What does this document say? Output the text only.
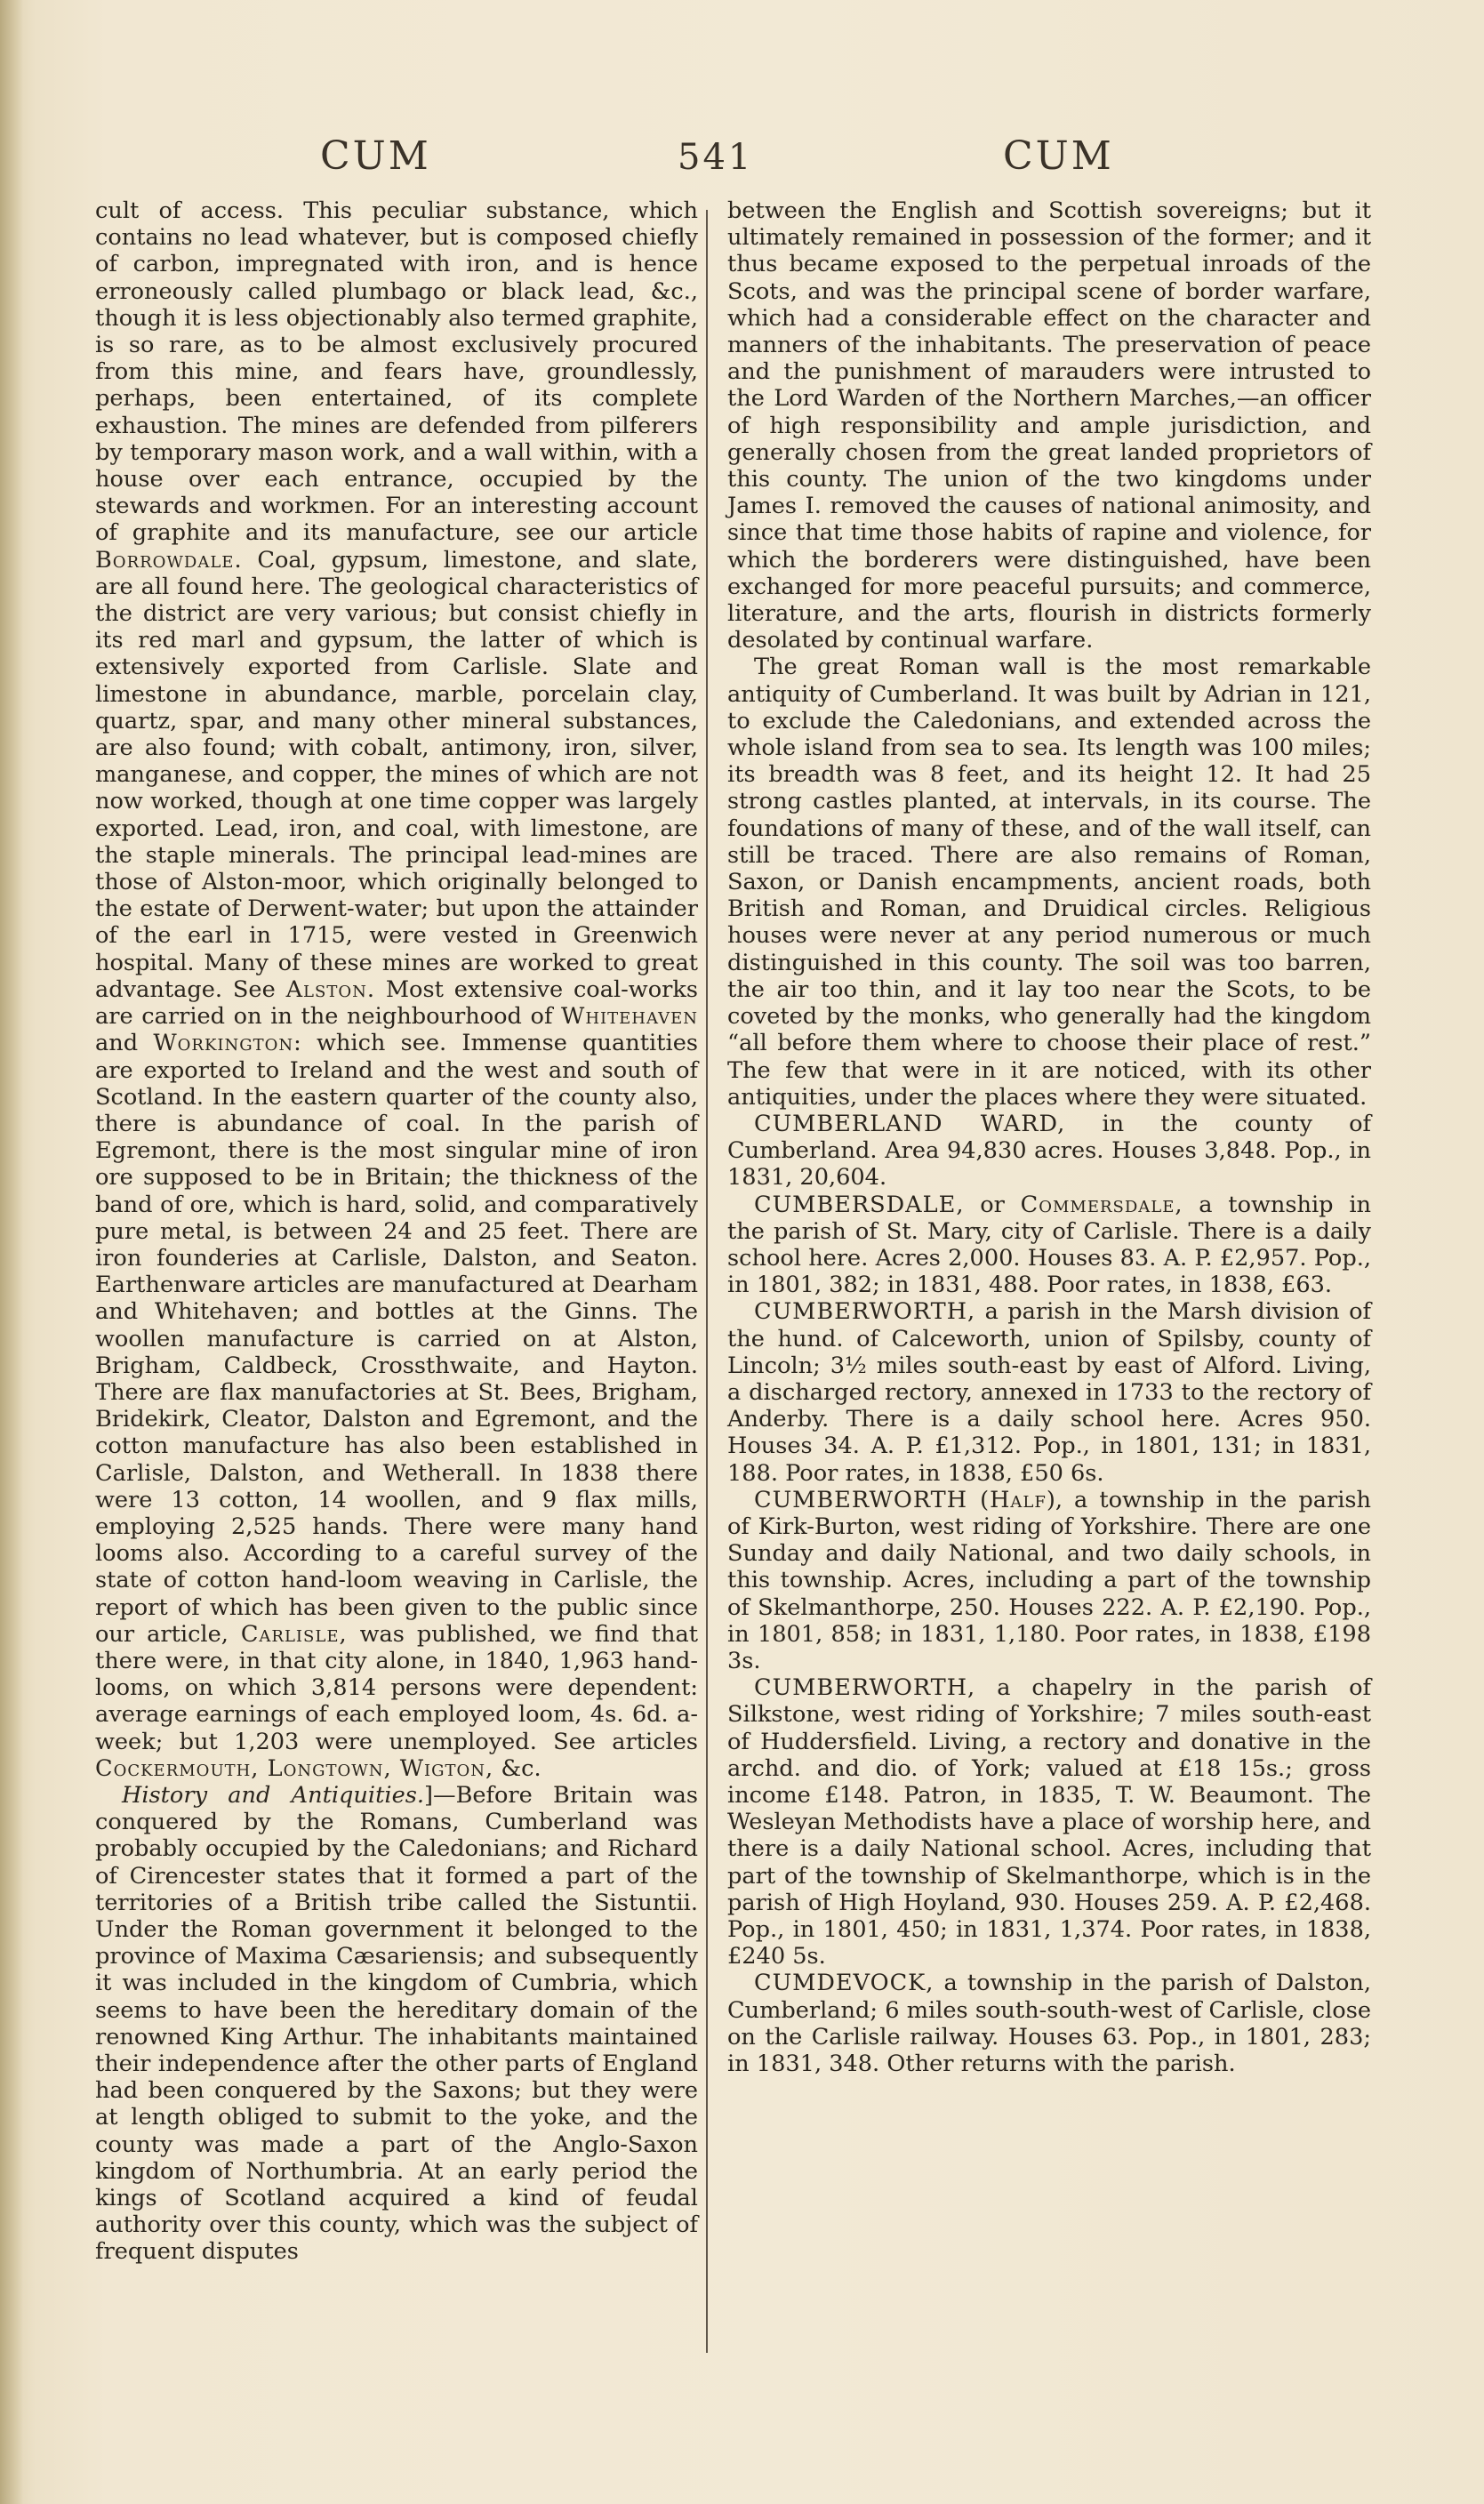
CUM	541	CUM

cult of access. This peculiar substance, which contains no lead whatever, but is composed chiefly of carbon, impregnated with iron, and is hence erroneously called plumbago or black lead, &c., though it is less objectionably also termed graphite, is so rare, as to be almost exclusively procured from this mine, and fears have, groundlessly, perhaps, been entertained, of its complete exhaustion. The mines are defended from pilferers by temporary mason work, and a wall within, with a house over each entrance, occupied by the stewards and workmen. For an interesting account of graphite and its manufacture, see our article Borrowdale. Coal, gypsum, limestone, and slate, are all found here. The geological characteristics of the district are very various; but consist chiefly in its red marl and gypsum, the latter of which is extensively exported from Carlisle. Slate and limestone in abundance, marble, porcelain clay, quartz, spar, and many other mineral substances, are also found; with cobalt, antimony, iron, silver, manganese, and copper, the mines of which are not now worked, though at one time copper was largely exported. Lead, iron, and coal, with limestone, are the staple minerals. The principal lead-mines are those of Alston-moor, which originally belonged to the estate of Derwent-water; but upon the attainder of the earl in 1715, were vested in Greenwich hospital. Many of these mines are worked to great advantage. See Alston. Most extensive coal-works are carried on in the neighbourhood of Whitehaven and Workington: which see. Immense quantities are exported to Ireland and the west and south of Scotland. In the eastern quarter of the county also, there is abundance of coal. In the parish of Egremont, there is the most singular mine of iron ore supposed to be in Britain; the thickness of the band of ore, which is hard, solid, and comparatively pure metal, is between 24 and 25 feet. There are iron founderies at Carlisle, Dalston, and Seaton. Earthenware articles are manufactured at Dearham and Whitehaven; and bottles at the Ginns. The woollen manufacture is carried on at Alston, Brigham, Caldbeck, Crossthwaite, and Hayton. There are flax manufactories at St. Bees, Brigham, Bridekirk, Cleator, Dalston and Egremont, and the cotton manufacture has also been established in Carlisle, Dalston, and Wetherall. In 1838 there were 13 cotton, 14 woollen, and 9 flax mills, employing 2,525 hands. There were many hand looms also. According to a careful survey of the state of cotton hand-loom weaving in Carlisle, the report of which has been given to the public since our article, Carlisle, was published, we find that there were, in that city alone, in 1840, 1,963 hand-looms, on which 3,814 persons were dependent: average earnings of each employed loom, 4s. 6d. a-week; but 1,203 were unemployed. See articles Cockermouth, Longtown, Wigton, &c.

History and Antiquities.]—Before Britain was conquered by the Romans, Cumberland was probably occupied by the Caledonians; and Richard of Cirencester states that it formed a part of the territories of a British tribe called the Sistuntii. Under the Roman government it belonged to the province of Maxima Cæsariensis; and subsequently it was included in the kingdom of Cumbria, which seems to have been the hereditary domain of the renowned King Arthur. The inhabitants maintained their independence after the other parts of England had been conquered by the Saxons; but they were at length obliged to submit to the yoke, and the county was made a part of the Anglo-Saxon kingdom of Northumbria. At an early period the kings of Scotland acquired a kind of feudal authority over this county, which was the subject of frequent disputes

between the English and Scottish sovereigns; but it ultimately remained in possession of the former; and it thus became exposed to the perpetual inroads of the Scots, and was the principal scene of border warfare, which had a considerable effect on the character and manners of the inhabitants. The preservation of peace and the punishment of marauders were intrusted to the Lord Warden of the Northern Marches,—an officer of high responsibility and ample jurisdiction, and generally chosen from the great landed proprietors of this county. The union of the two kingdoms under James I. removed the causes of national animosity, and since that time those habits of rapine and violence, for which the borderers were distinguished, have been exchanged for more peaceful pursuits; and commerce, literature, and the arts, flourish in districts formerly desolated by continual warfare.

The great Roman wall is the most remarkable antiquity of Cumberland. It was built by Adrian in 121, to exclude the Caledonians, and extended across the whole island from sea to sea. Its length was 100 miles; its breadth was 8 feet, and its height 12. It had 25 strong castles planted, at intervals, in its course. The foundations of many of these, and of the wall itself, can still be traced. There are also remains of Roman, Saxon, or Danish encampments, ancient roads, both British and Roman, and Druidical circles. Religious houses were never at any period numerous or much distinguished in this county. The soil was too barren, the air too thin, and it lay too near the Scots, to be coveted by the monks, who generally had the kingdom “all before them where to choose their place of rest.” The few that were in it are noticed, with its other antiquities, under the places where they were situated.

CUMBERLAND WARD, in the county of Cumberland. Area 94,830 acres. Houses 3,848. Pop., in 1831, 20,604.

CUMBERSDALE, or Commersdale, a township in the parish of St. Mary, city of Carlisle. There is a daily school here. Acres 2,000. Houses 83. A. P. £2,957. Pop., in 1801, 382; in 1831, 488. Poor rates, in 1838, £63.

CUMBERWORTH, a parish in the Marsh division of the hund. of Calceworth, union of Spilsby, county of Lincoln; 3½ miles south-east by east of Alford. Living, a discharged rectory, annexed in 1733 to the rectory of Anderby. There is a daily school here. Acres 950. Houses 34. A. P. £1,312. Pop., in 1801, 131; in 1831, 188. Poor rates, in 1838, £50 6s.

CUMBERWORTH (Half), a township in the parish of Kirk-Burton, west riding of Yorkshire. There are one Sunday and daily National, and two daily schools, in this township. Acres, including a part of the township of Skelmanthorpe, 250. Houses 222. A. P. £2,190. Pop., in 1801, 858; in 1831, 1,180. Poor rates, in 1838, £198 3s.

CUMBERWORTH, a chapelry in the parish of Silkstone, west riding of Yorkshire; 7 miles south-east of Huddersfield. Living, a rectory and donative in the archd. and dio. of York; valued at £18 15s.; gross income £148. Patron, in 1835, T. W. Beaumont. The Wesleyan Methodists have a place of worship here, and there is a daily National school. Acres, including that part of the township of Skelmanthorpe, which is in the parish of High Hoyland, 930. Houses 259. A. P. £2,468. Pop., in 1801, 450; in 1831, 1,374. Poor rates, in 1838, £240 5s.

CUMDEVOCK, a township in the parish of Dalston, Cumberland; 6 miles south-south-west of Carlisle, close on the Carlisle railway. Houses 63. Pop., in 1801, 283; in 1831, 348. Other returns with the parish.
